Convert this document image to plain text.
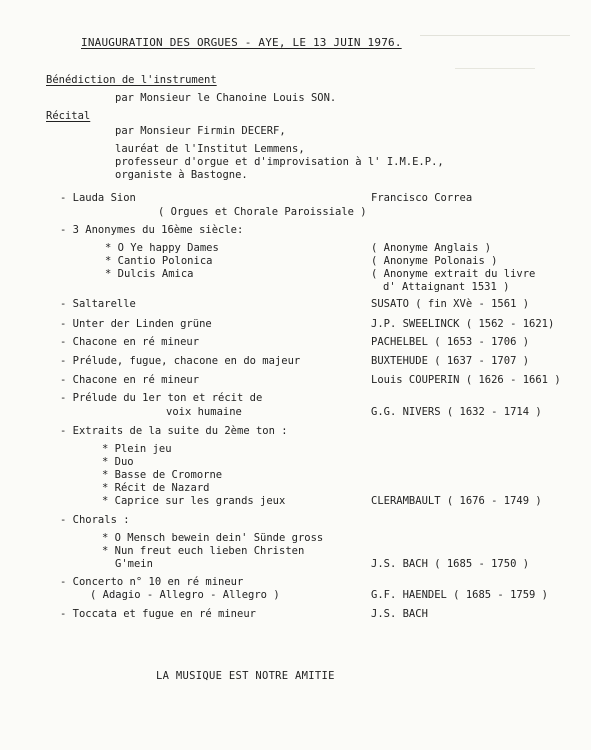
INAUGURATION DES ORGUES - AYE, LE 13 JUIN 1976.
Bénédiction de l'instrument
par Monsieur le Chanoine Louis SON.
Récital
par Monsieur Firmin DECERF,
lauréat de l'Institut Lemmens,
professeur d'orgue et d'improvisation à l' I.M.E.P.,
organiste à Bastogne.
- Lauda Sion	Francisco Correa
( Orgues et Chorale Paroissiale )
- 3 Anonymes du 16ème siècle:
* O Ye happy Dames	( Anonyme Anglais )
* Cantio Polonica	( Anonyme Polonais )
* Dulcis Amica	( Anonyme extrait du livre
d' Attaignant 1531 )
- Saltarelle	SUSATO ( fin XVè - 1561 )
- Unter der Linden grüne	J.P. SWEELINCK ( 1562 - 1621)
- Chacone en ré mineur	PACHELBEL ( 1653 - 1706 )
- Prélude, fugue, chacone en do majeur	BUXTEHUDE ( 1637 - 1707 )
- Chacone en ré mineur	Louis COUPERIN ( 1626 - 1661 )
- Prélude du 1er ton et récit de
voix humaine	G.G. NIVERS ( 1632 - 1714 )
- Extraits de la suite du 2ème ton :
* Plein jeu
* Duo
* Basse de Cromorne
* Récit de Nazard
* Caprice sur les grands jeux	CLERAMBAULT ( 1676 - 1749 )
- Chorals :
* O Mensch bewein dein' Sünde gross
* Nun freut euch lieben Christen
G'mein	J.S. BACH ( 1685 - 1750 )
- Concerto n° 10 en ré mineur
( Adagio - Allegro - Allegro )	G.F. HAENDEL ( 1685 - 1759 )
- Toccata et fugue en ré mineur	J.S. BACH
LA MUSIQUE EST NOTRE AMITIE
